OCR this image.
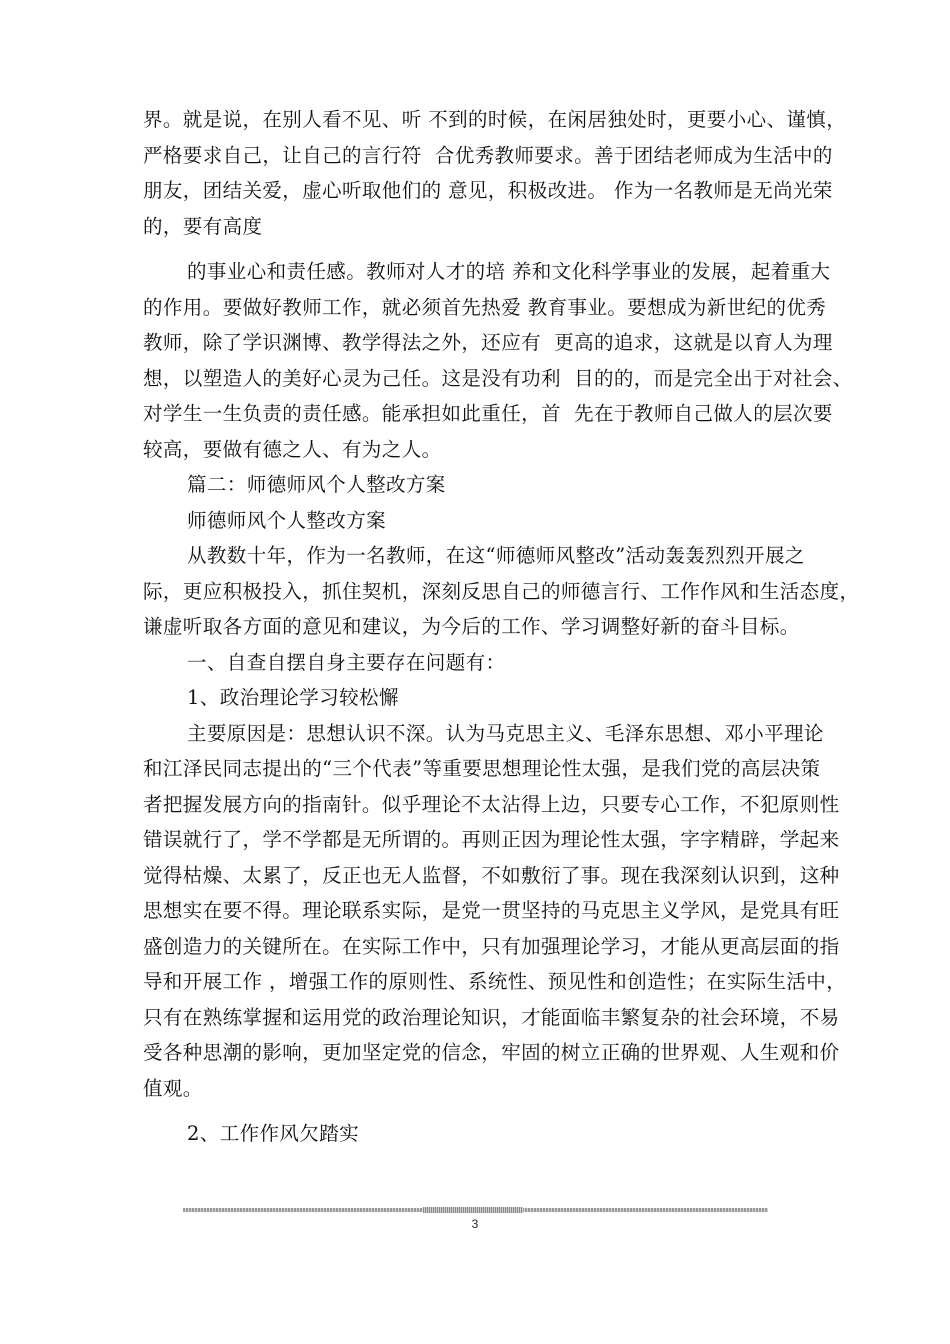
界。就是说，在别人看不见、听 不到的时候，在闲居独处时，更要小心、谨慎，
严格要求自己，让自己的言行符  合优秀教师要求。善于团结老师成为生活中的
朋友，团结关爱，虚心听取他们的 意见，积极改进。 作为一名教师是无尚光荣
的，要有高度
的事业心和责任感。教师对人才的培 养和文化科学事业的发展，起着重大
的作用。要做好教师工作，就必须首先热爱 教育事业。要想成为新世纪的优秀
教师，除了学识渊博、教学得法之外，还应有  更高的追求，这就是以育人为理
想，以塑造人的美好心灵为己任。这是没有功利  目的的，而是完全出于对社会、
对学生一生负责的责任感。能承担如此重任，首  先在于教师自己做人的层次要
较高，要做有德之人、有为之人。
篇二：师德师风个人整改方案
师德师风个人整改方案
从教数十年，作为一名教师，在这“师德师风整改”活动轰轰烈烈开展之
际，更应积极投入，抓住契机，深刻反思自己的师德言行、工作作风和生活态度，
谦虚听取各方面的意见和建议，为今后的工作、学习调整好新的奋斗目标。
一、自查自摆自身主要存在问题有：
1、政治理论学习较松懈
主要原因是：思想认识不深。认为马克思主义、毛泽东思想、邓小平理论
和江泽民同志提出的“三个代表”等重要思想理论性太强，是我们党的高层决策
者把握发展方向的指南针。似乎理论不太沾得上边，只要专心工作，不犯原则性
错误就行了，学不学都是无所谓的。再则正因为理论性太强，字字精辟，学起来
觉得枯燥、太累了，反正也无人监督，不如敷衍了事。现在我深刻认识到，这种
思想实在要不得。理论联系实际，是党一贯坚持的马克思主义学风，是党具有旺
盛创造力的关键所在。在实际工作中，只有加强理论学习，才能从更高层面的指
导和开展工作 ，增强工作的原则性、系统性、预见性和创造性；在实际生活中，
只有在熟练掌握和运用党的政治理论知识，才能面临丰繁复杂的社会环境，不易
受各种思潮的影响，更加坚定党的信念，牢固的树立正确的世界观、人生观和价
值观。
2、工作作风欠踏实
3
